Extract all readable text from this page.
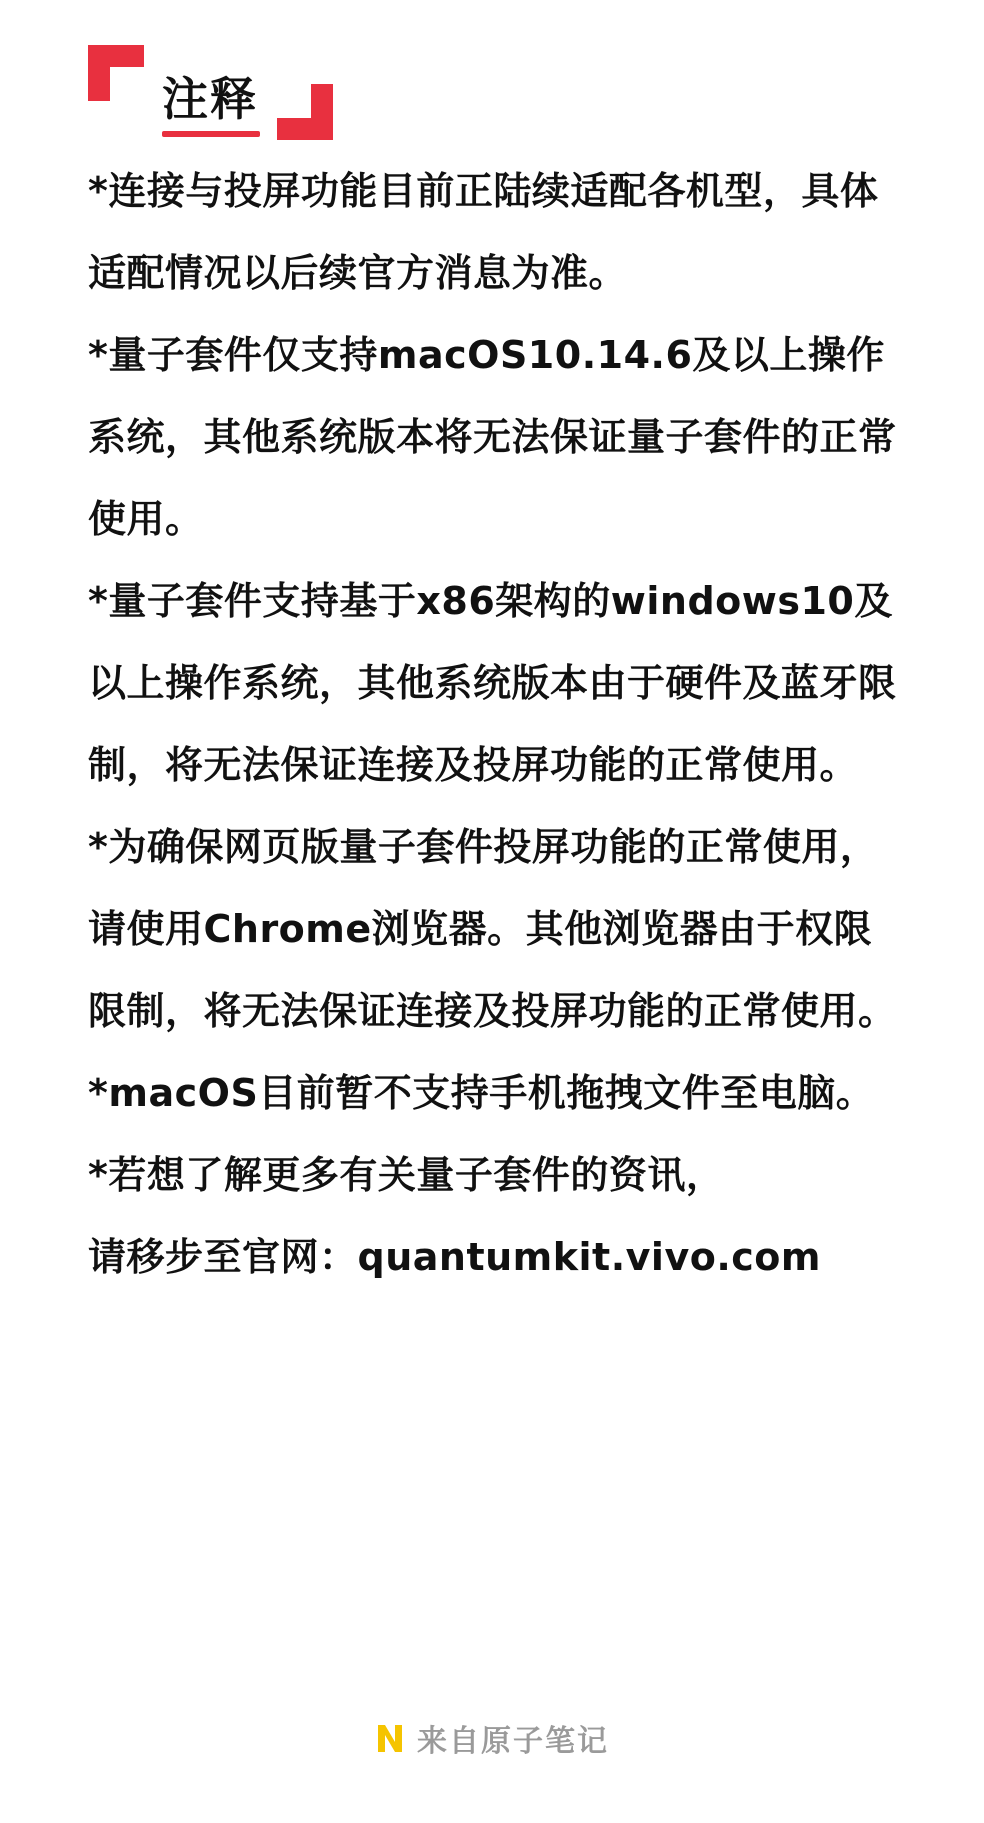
注释
*连接与投屏功能目前正陆续适配各机型，具体适配情况以后续官方消息为准。
*量子套件仅支持macOS10.14.6及以上操作系统，其他系统版本将无法保证量子套件的正常使用。
*量子套件支持基于x86架构的windows10及以上操作系统，其他系统版本由于硬件及蓝牙限制，将无法保证连接及投屏功能的正常使用。
*为确保网页版量子套件投屏功能的正常使用，请使用Chrome浏览器。其他浏览器由于权限限制，将无法保证连接及投屏功能的正常使用。
*macOS目前暂不支持手机拖拽文件至电脑。
*若想了解更多有关量子套件的资讯，
请移步至官网：quantumkit.vivo.com
来自原子笔记
